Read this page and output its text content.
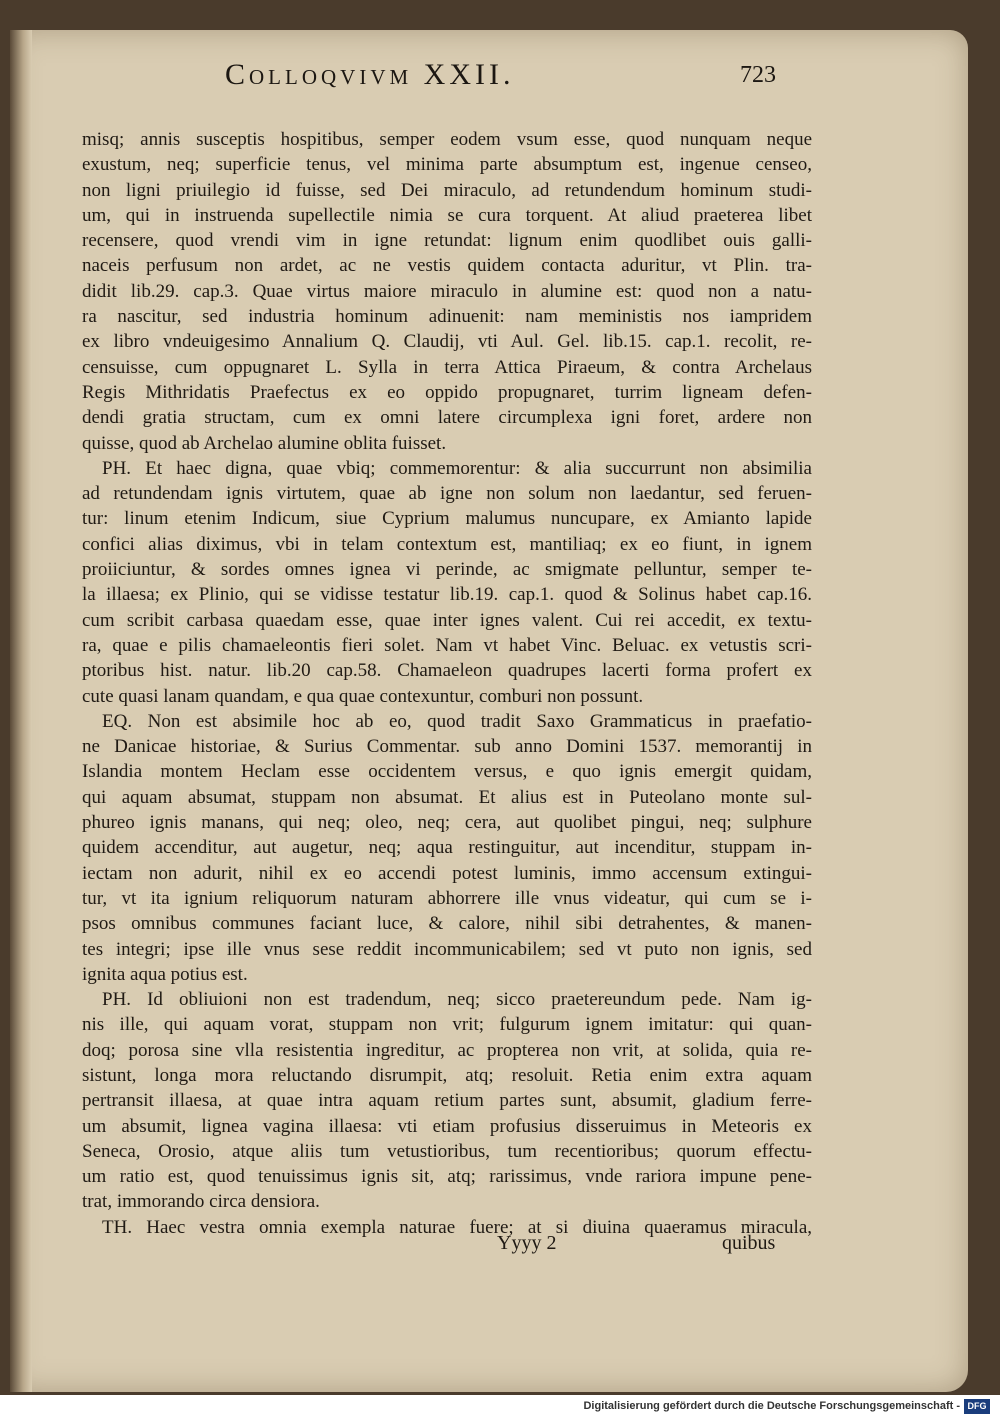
Colloqvivm XXII.	723
misq; annis susceptis hospitibus, semper eodem vsum esse, quod nunquam neque
exustum, neq; superficie tenus, vel minima parte absumptum est, ingenue censeo,
non ligni priuilegio id fuisse, sed Dei miraculo, ad retundendum hominum studi-
um, qui in instruenda supellectile nimia se cura torquent. At aliud praeterea libet
recensere, quod vrendi vim in igne retundat: lignum enim quodlibet ouis galli-
naceis perfusum non ardet, ac ne vestis quidem contacta aduritur, vt Plin. tra-
didit lib.29. cap.3. Quae virtus maiore miraculo in alumine est: quod non a natu-
ra nascitur, sed industria hominum adinuenit: nam meministis nos iampridem
ex libro vndeuigesimo Annalium Q. Claudij, vti Aul. Gel. lib.15. cap.1. recolit, re-
censuisse, cum oppugnaret L. Sylla in terra Attica Piraeum, & contra Archelaus
Regis Mithridatis Praefectus ex eo oppido propugnaret, turrim ligneam defen-
dendi gratia structam, cum ex omni latere circumplexa igni foret, ardere non
quisse, quod ab Archelao alumine oblita fuisset.
PH. Et haec digna, quae vbiq; commemorentur: & alia succurrunt non absimilia
ad retundendam ignis virtutem, quae ab igne non solum non laedantur, sed feruen-
tur: linum etenim Indicum, siue Cyprium malumus nuncupare, ex Amianto lapide
confici alias diximus, vbi in telam contextum est, mantiliaq; ex eo fiunt, in ignem
proiiciuntur, & sordes omnes ignea vi perinde, ac smigmate pelluntur, semper te-
la illaesa; ex Plinio, qui se vidisse testatur lib.19. cap.1. quod & Solinus habet cap.16.
cum scribit carbasa quaedam esse, quae inter ignes valent. Cui rei accedit, ex textu-
ra, quae e pilis chamaeleontis fieri solet. Nam vt habet Vinc. Beluac. ex vetustis scri-
ptoribus hist. natur. lib.20 cap.58. Chamaeleon quadrupes lacerti forma profert ex
cute quasi lanam quandam, e qua quae contexuntur, comburi non possunt.
EQ. Non est absimile hoc ab eo, quod tradit Saxo Grammaticus in praefatio-
ne Danicae historiae, & Surius Commentar. sub anno Domini 1537. memorantij in
Islandia montem Heclam esse occidentem versus, e quo ignis emergit quidam,
qui aquam absumat, stuppam non absumat. Et alius est in Puteolano monte sul-
phureo ignis manans, qui neq; oleo, neq; cera, aut quolibet pingui, neq; sulphure
quidem accenditur, aut augetur, neq; aqua restinguitur, aut incenditur, stuppam in-
iectam non adurit, nihil ex eo accendi potest luminis, immo accensum extingui-
tur, vt ita ignium reliquorum naturam abhorrere ille vnus videatur, qui cum se i-
psos omnibus communes faciant luce, & calore, nihil sibi detrahentes, & manen-
tes integri; ipse ille vnus sese reddit incommunicabilem; sed vt puto non ignis, sed
ignita aqua potius est.
PH. Id obliuioni non est tradendum, neq; sicco praetereundum pede. Nam ig-
nis ille, qui aquam vorat, stuppam non vrit; fulgurum ignem imitatur: qui quan-
doq; porosa sine vlla resistentia ingreditur, ac propterea non vrit, at solida, quia re-
sistunt, longa mora reluctando disrumpit, atq; resoluit. Retia enim extra aquam
pertransit illaesa, at quae intra aquam retium partes sunt, absumit, gladium ferre-
um absumit, lignea vagina illaesa: vti etiam profusius disseruimus in Meteoris ex
Seneca, Orosio, atque aliis tum vetustioribus, tum recentioribus; quorum effectu-
um ratio est, quod tenuissimus ignis sit, atq; rarissimus, vnde rariora impune pene-
trat, immorando circa densiora.
TH. Haec vestra omnia exempla naturae fuere; at si diuina quaeramus miracula,
Yyyy 2	quibus
Digitalisierung gefördert durch die Deutsche Forschungsgemeinschaft - DFG
